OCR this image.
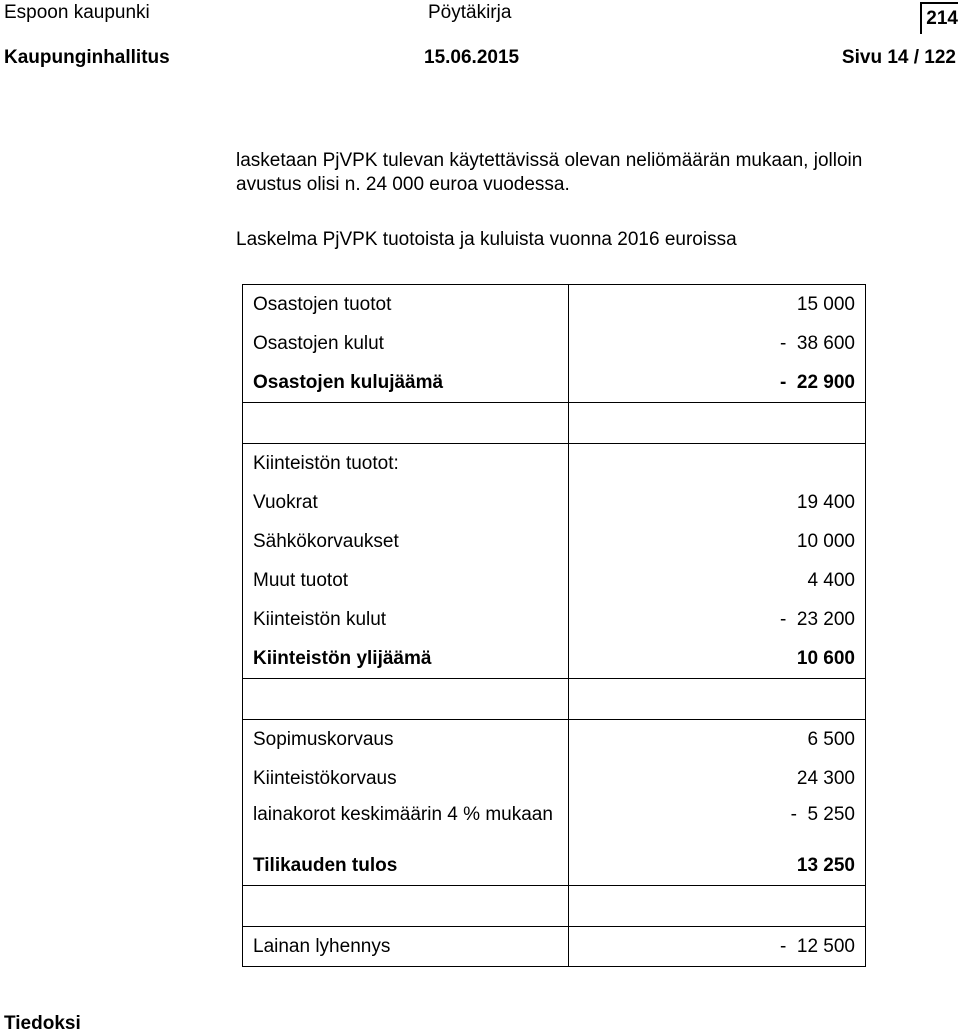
Espoon kaupunki	Pöytäkirja	214
Kaupunginhallitus	15.06.2015	Sivu 14 / 122
lasketaan PjVPK tulevan käytettävissä olevan neliömäärän mukaan, jolloin
avustus olisi n. 24 000 euroa vuodessa.
Laskelma PjVPK tuotoista ja kuluista vuonna 2016 euroissa
Osastojen tuotot	15 000
Osastojen kulut	-  38 600
Osastojen kulujäämä	-  22 900

Kiinteistön tuotot:	
Vuokrat	19 400
Sähkökorvaukset	10 000
Muut tuotot	4 400
Kiinteistön kulut	-  23 200
Kiinteistön ylijäämä	10 600

Sopimuskorvaus	6 500
Kiinteistökorvaus	24 300
lainakorot keskimäärin 4 % mukaan	-  5 250
Tilikauden tulos	13 250

Lainan lyhennys	-  12 500
Tiedoksi
